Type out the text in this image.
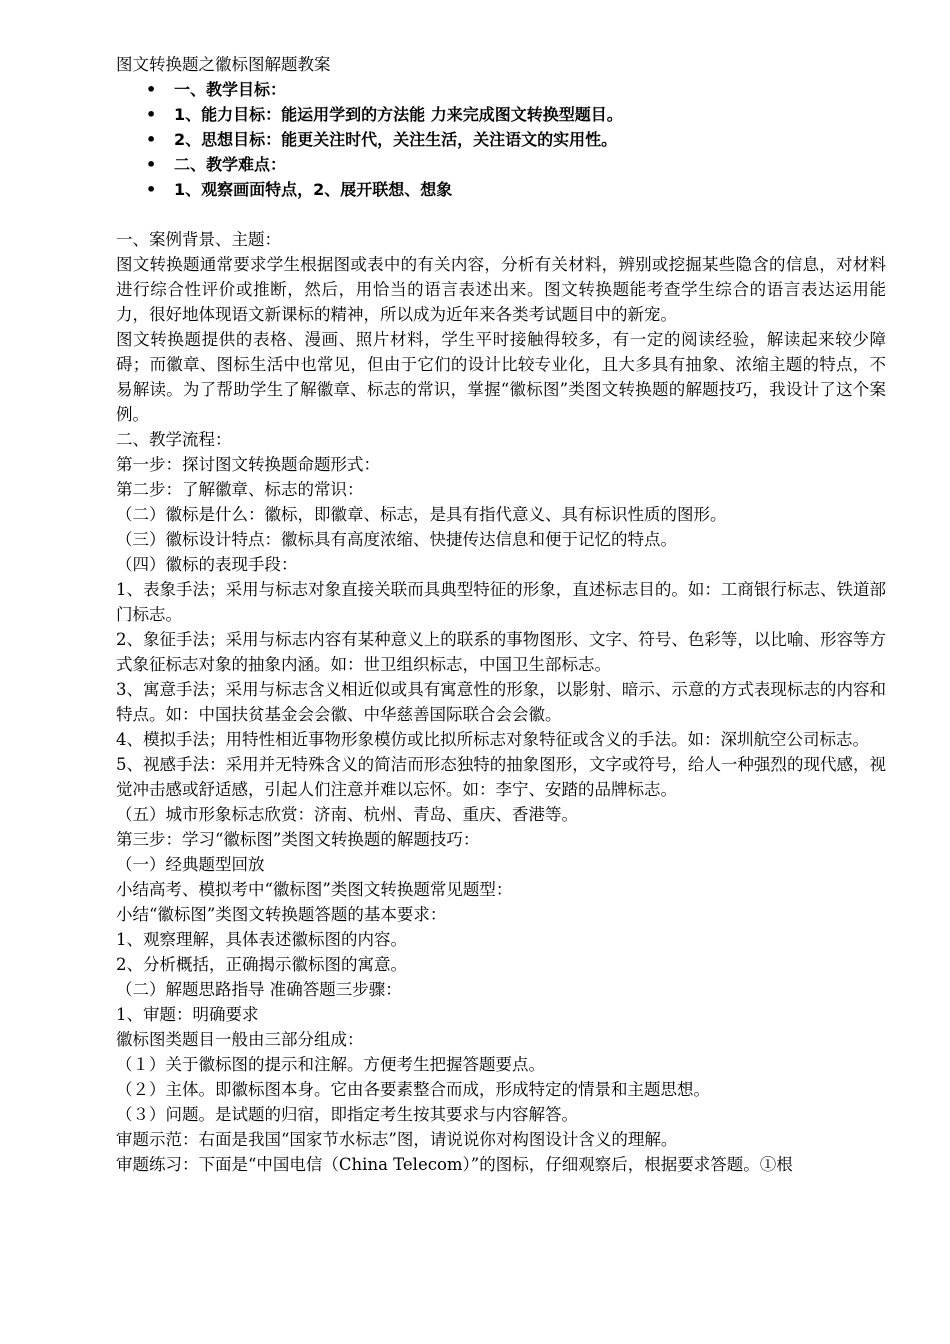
图文转换题之徽标图解题教案
• 一、教学目标：
• 1、能力目标：能运用学到的方法能 力来完成图文转换型题目。
• 2、思想目标：能更关注时代，关注生活，关注语文的实用性。
• 二、教学难点：
• 1、观察画面特点，2、展开联想、想象

一、案例背景、主题：

图文转换题通常要求学生根据图或表中的有关内容，分析有关材料，辨别或挖掘某些隐含的信息，对材料进行综合性评价或推断，然后，用恰当的语言表述出来。图文转换题能考查学生综合的语言表达运用能力，很好地体现语文新课标的精神，所以成为近年来各类考试题目中的新宠。

图文转换题提供的表格、漫画、照片材料，学生平时接触得较多，有一定的阅读经验，解读起来较少障碍；而徽章、图标生活中也常见，但由于它们的设计比较专业化，且大多具有抽象、浓缩主题的特点，不易解读。为了帮助学生了解徽章、标志的常识，掌握“徽标图”类图文转换题的解题技巧，我设计了这个案例。

二、教学流程：

第一步：探讨图文转换题命题形式：

第二步：了解徽章、标志的常识：

（二）徽标是什么：徽标，即徽章、标志，是具有指代意义、具有标识性质的图形。

（三）徽标设计特点：徽标具有高度浓缩、快捷传达信息和便于记忆的特点。

（四）徽标的表现手段：

1、表象手法；采用与标志对象直接关联而具典型特征的形象，直述标志目的。如：工商银行标志、铁道部门标志。

2、象征手法；采用与标志内容有某种意义上的联系的事物图形、文字、符号、色彩等，以比喻、形容等方式象征标志对象的抽象内涵。如：世卫组织标志，中国卫生部标志。

3、寓意手法；采用与标志含义相近似或具有寓意性的形象，以影射、暗示、示意的方式表现标志的内容和特点。如：中国扶贫基金会会徽、中华慈善国际联合会会徽。

4、模拟手法；用特性相近事物形象模仿或比拟所标志对象特征或含义的手法。如：深圳航空公司标志。

5、视感手法：采用并无特殊含义的简洁而形态独特的抽象图形，文字或符号，给人一种强烈的现代感，视觉冲击感或舒适感，引起人们注意并难以忘怀。如：李宁、安踏的品牌标志。

（五）城市形象标志欣赏：济南、杭州、青岛、重庆、香港等。

第三步：学习“徽标图”类图文转换题的解题技巧：

（一）经典题型回放

小结高考、模拟考中“徽标图”类图文转换题常见题型：

小结“徽标图”类图文转换题答题的基本要求：

1、观察理解，具体表述徽标图的内容。

2、分析概括，正确揭示徽标图的寓意。

（二）解题思路指导 准确答题三步骤：

1、审题：明确要求

徽标图类题目一般由三部分组成：

（１）关于徽标图的提示和注解。方便考生把握答题要点。

（２）主体。即徽标图本身。它由各要素整合而成，形成特定的情景和主题思想。

（３）问题。是试题的归宿，即指定考生按其要求与内容解答。

审题示范：右面是我国“国家节水标志”图，请说说你对构图设计含义的理解。

审题练习：下面是“中国电信（China Telecom）”的图标，仔细观察后，根据要求答题。①根
